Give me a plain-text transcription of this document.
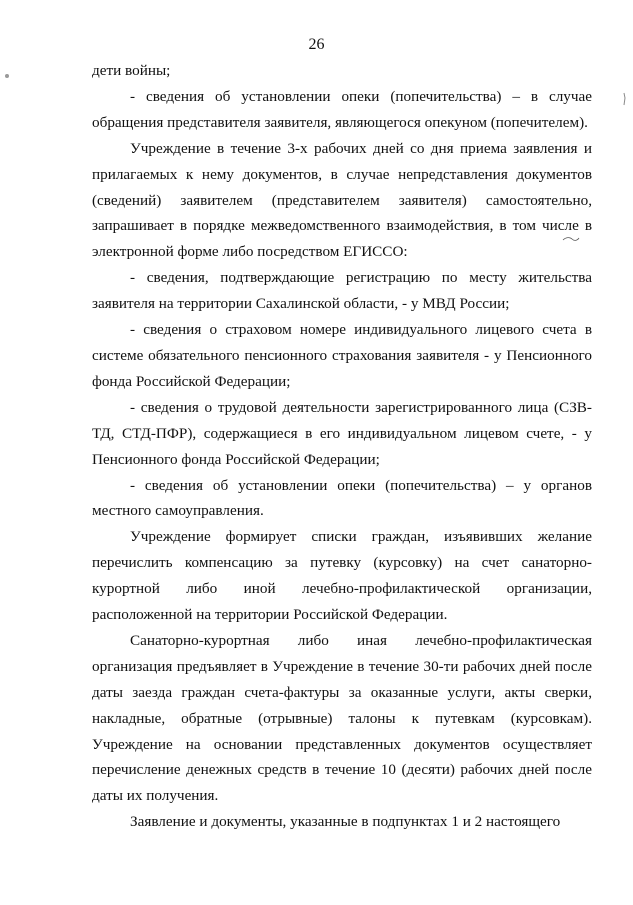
26

дети войны;

- сведения об установлении опеки (попечительства) – в случае обращения представителя заявителя, являющегося опекуном (попечителем).

Учреждение в течение 3-х рабочих дней со дня приема заявления и прилагаемых к нему документов, в случае непредставления документов (сведений) заявителем (представителем заявителя) самостоятельно, запрашивает в порядке межведомственного взаимодействия, в том числе в электронной форме либо посредством ЕГИССО:

- сведения, подтверждающие регистрацию по месту жительства заявителя на территории Сахалинской области, - у МВД России;

- сведения о страховом номере индивидуального лицевого счета в системе обязательного пенсионного страхования заявителя - у Пенсионного фонда Российской Федерации;

- сведения о трудовой деятельности зарегистрированного лица (СЗВ-ТД, СТД-ПФР), содержащиеся в его индивидуальном лицевом счете, - у Пенсионного фонда Российской Федерации;

- сведения об установлении опеки (попечительства) – у органов местного самоуправления.

Учреждение формирует списки граждан, изъявивших желание перечислить компенсацию за путевку (курсовку) на счет санаторно-курортной либо иной лечебно-профилактической организации, расположенной на территории Российской Федерации.

Санаторно-курортная либо иная лечебно-профилактическая организация предъявляет в Учреждение в течение 30-ти рабочих дней после даты заезда граждан счета-фактуры за оказанные услуги, акты сверки, накладные, обратные (отрывные) талоны к путевкам (курсовкам). Учреждение на основании представленных документов осуществляет перечисление денежных средств в течение 10 (десяти) рабочих дней после даты их получения.

Заявление и документы, указанные в подпунктах 1 и 2 настоящего
